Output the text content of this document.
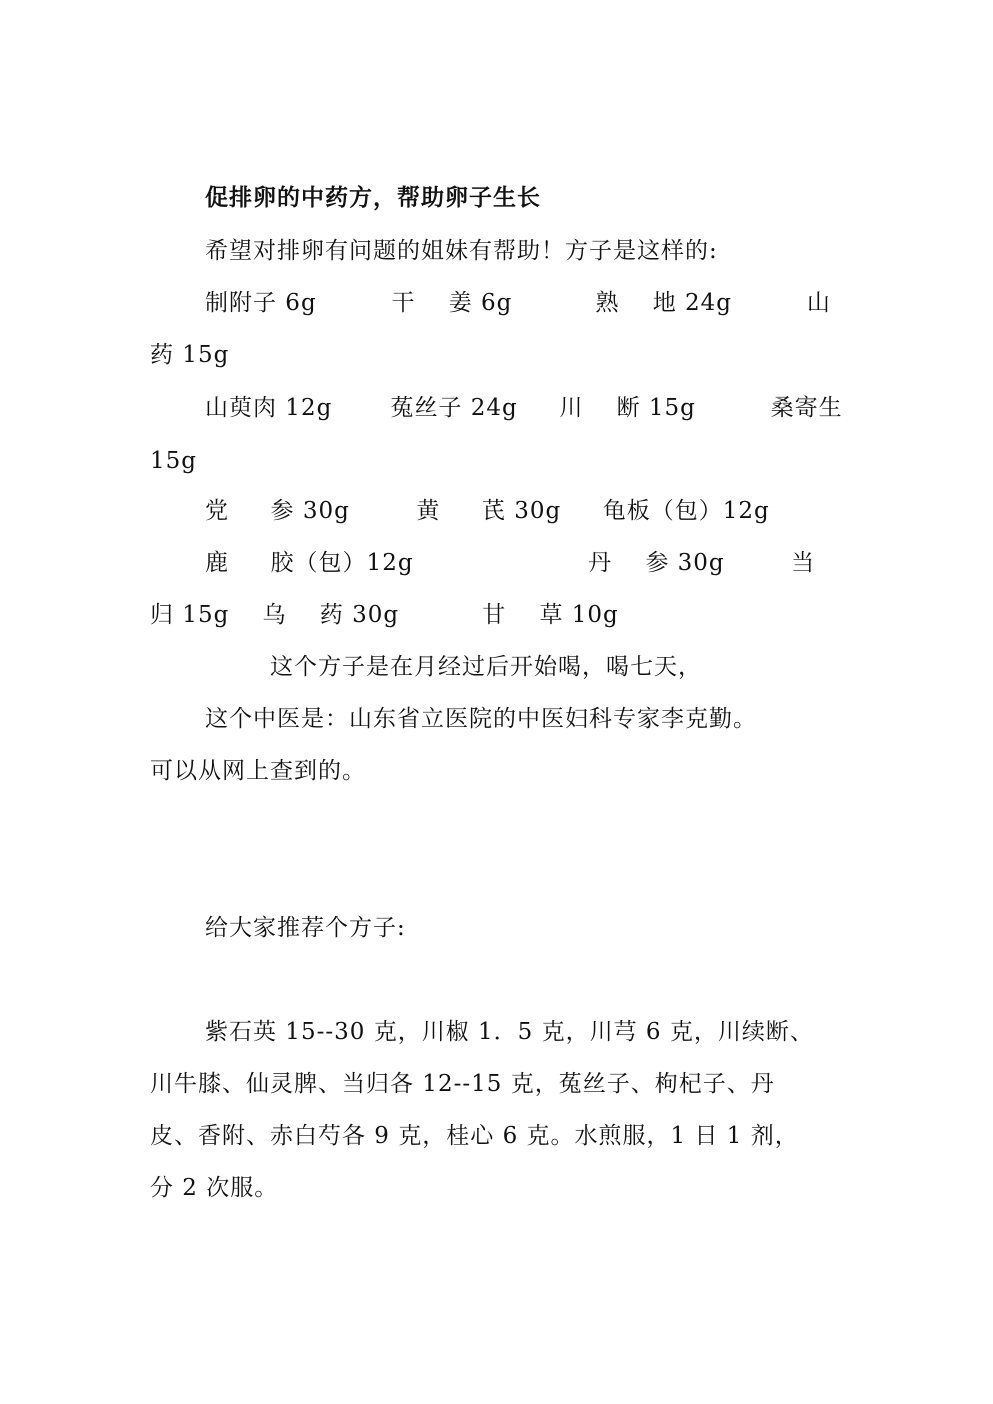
促排卵的中药方，帮助卵子生长
希望对排卵有问题的姐妹有帮助！方子是这样的:
制附子 6g         干    姜 6g          熟    地 24g         山
药 15g
山萸肉 12g       菟丝子 24g     川    断 15g         桑寄生
15g
党     参 30g        黄     芪 30g     龟板（包）12g
鹿     胶（包）12g                     丹    参 30g        当
归 15g    乌    药 30g          甘    草 10g
这个方子是在月经过后开始喝，喝七天，
这个中医是：山东省立医院的中医妇科专家李克勤。
可以从网上查到的。
给大家推荐个方子:
紫石英 15--30 克，川椒 1．5 克，川芎 6 克，川续断、
川牛膝、仙灵脾、当归各 12--15 克，菟丝子、枸杞子、丹
皮、香附、赤白芍各 9 克，桂心 6 克。水煎服，1 日 1 剂，
分 2 次服。
